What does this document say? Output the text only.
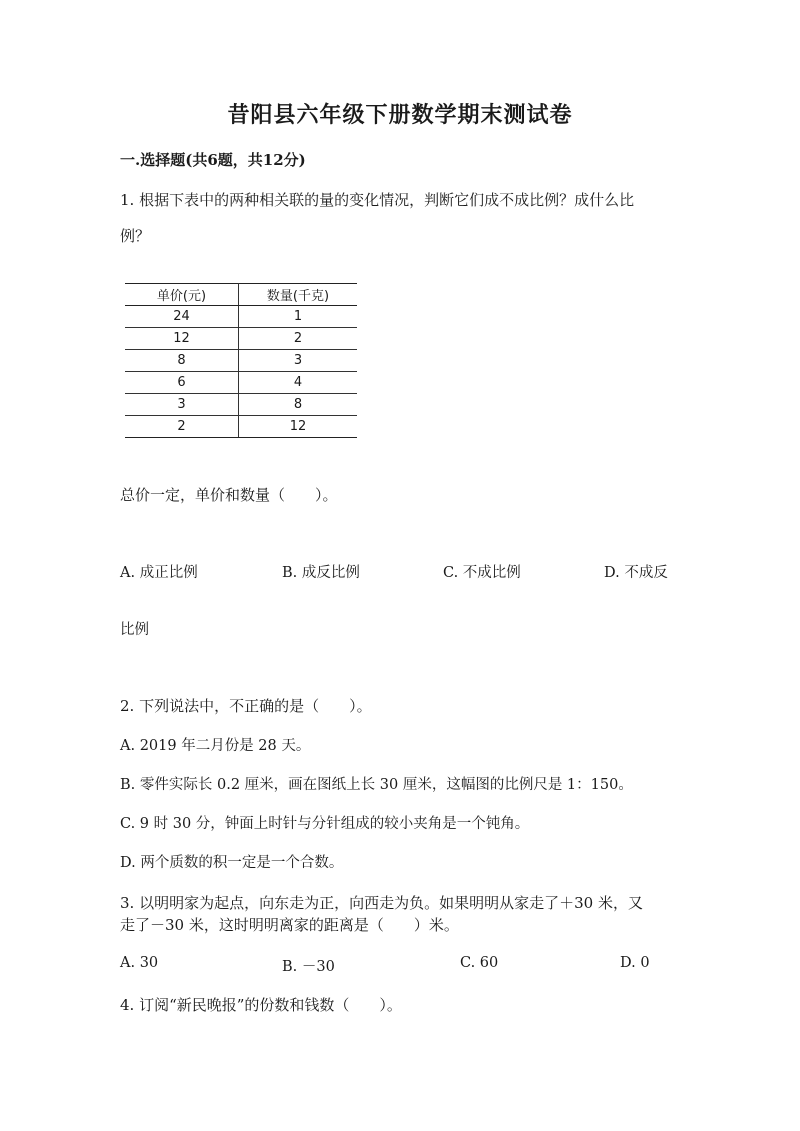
昔阳县六年级下册数学期末测试卷
一.选择题(共6题，共12分)
1. 根据下表中的两种相关联的量的变化情况，判断它们成不成比例？成什么比
例？
单价(元)	数量(千克)
24	1
12	2
8	3
6	4
3	8
2	12
总价一定，单价和数量（　　）。
A. 成正比例	B. 成反比例	C. 不成比例	D. 不成反
比例
2. 下列说法中，不正确的是（　　）。
A. 2019 年二月份是 28 天。
B. 零件实际长 0.2 厘米，画在图纸上长 30 厘米，这幅图的比例尺是 1：150。
C. 9 时 30 分，钟面上时针与分针组成的较小夹角是一个钝角。
D. 两个质数的积一定是一个合数。
3. 以明明家为起点，向东走为正，向西走为负。如果明明从家走了＋30 米，又
走了－30 米，这时明明离家的距离是（　　）米。
A. 30	B. －30	C. 60	D. 0
4. 订阅“新民晚报”的份数和钱数（　　）。
